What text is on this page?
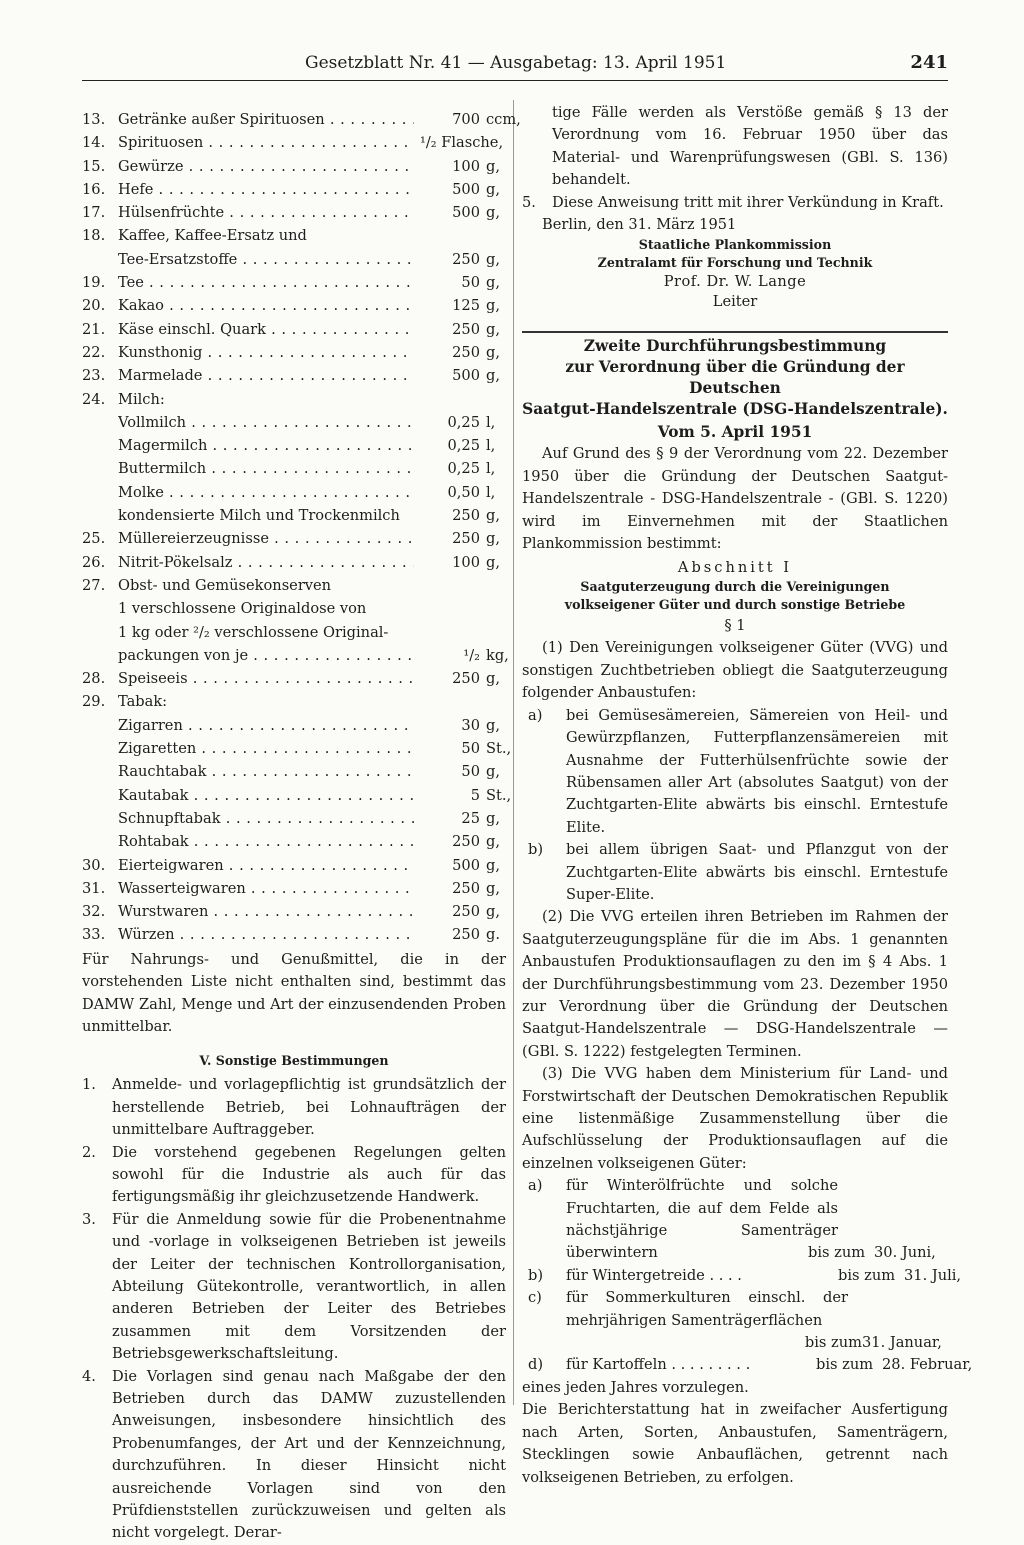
Gesetzblatt Nr. 41 — Ausgabetag: 13. April 1951	241
13. Getränke außer Spirituosen . . .	700 ccm,
14. Spirituosen . . .	¹/₂ Flasche,
15. Gewürze . . .	100 g,
16. Hefe . . .	500 g,
17. Hülsenfrüchte . . .	500 g,
18. Kaffee, Kaffee-Ersatz und
Tee-Ersatzstoffe . . .	250 g,
19. Tee . . .	50 g,
20. Kakao . . .	125 g,
21. Käse einschl. Quark . . .	250 g,
22. Kunsthonig . . .	250 g,
23. Marmelade . . .	500 g,
24. Milch:
Vollmilch . . .	0,25 l,
Magermilch . . .	0,25 l,
Buttermilch . . .	0,25 l,
Molke . . .	0,50 l,
kondensierte Milch und Trockenmilch	250 g,
25. Müllereierzeugnisse . . .	250 g,
26. Nitrit-Pökelsalz . . .	100 g,
27. Obst- und Gemüsekonserven
1 verschlossene Originaldose von
1 kg oder ²/₂ verschlossene Original-
packungen von je . . .	¹/₂ kg,
28. Speiseeis . . .	250 g,
29. Tabak:
Zigarren . . .	30 g,
Zigaretten . . .	50 St.,
Rauchtabak . . .	50 g,
Kautabak . . .	5 St.,
Schnupftabak . . .	25 g,
Rohtabak . . .	250 g,
30. Eierteigwaren . . .	500 g,
31. Wasserteigwaren . . .	250 g,
32. Wurstwaren . . .	250 g,
33. Würzen . . .	250 g.

Für Nahrungs- und Genußmittel, die in der vorstehenden Liste nicht enthalten sind, bestimmt das DAMW Zahl, Menge und Art der einzusendenden Proben unmittelbar.

V. Sonstige Bestimmungen
1.	Anmelde- und vorlagepflichtig ist grundsätzlich der herstellende Betrieb, bei Lohnaufträgen der unmittelbare Auftraggeber.
2.	Die vorstehend gegebenen Regelungen gelten sowohl für die Industrie als auch für das fertigungsmäßig ihr gleichzusetzende Handwerk.
3.	Für die Anmeldung sowie für die Probenentnahme und -vorlage in volkseigenen Betrieben ist jeweils der Leiter der technischen Kontrollorganisation, Abteilung Gütekontrolle, verantwortlich, in allen anderen Betrieben der Leiter des Betriebes zusammen mit dem Vorsitzenden der Betriebsgewerkschaftsleitung.
4.	Die Vorlagen sind genau nach Maßgabe der den Betrieben durch das DAMW zuzustellenden Anweisungen, insbesondere hinsichtlich des Probenumfanges, der Art und der Kennzeichnung, durchzuführen. In dieser Hinsicht nicht ausreichende Vorlagen sind von den Prüfdienststellen zurückzuweisen und gelten als nicht vorgelegt. Derar-

tige Fälle werden als Verstöße gemäß § 13 der Verordnung vom 16. Februar 1950 über das Material- und Warenprüfungswesen (GBl. S. 136) behandelt.

5.	Diese Anweisung tritt mit ihrer Verkündung in Kraft.
Berlin, den 31. März 1951
Staatliche Plankommission
Zentralamt für Forschung und Technik
Prof. Dr. W. Lange
Leiter
Zweite Durchführungsbestimmung
zur Verordnung über die Gründung der Deutschen
Saatgut-Handelszentrale (DSG-Handelszentrale).
Vom 5. April 1951

Auf Grund des § 9 der Verordnung vom 22. Dezember 1950 über die Gründung der Deutschen Saatgut-Handelszentrale - DSG-Handelszentrale - (GBl. S. 1220) wird im Einvernehmen mit der Staatlichen Plankommission bestimmt:

Abschnitt I
Saatguterzeugung durch die Vereinigungen
volkseigener Güter und durch sonstige Betriebe
§ 1

(1) Den Vereinigungen volkseigener Güter (VVG) und sonstigen Zuchtbetrieben obliegt die Saatguterzeugung folgender Anbaustufen:

a)	bei Gemüsesämereien, Sämereien von Heil- und Gewürzpflanzen, Futterpflanzensämereien mit Ausnahme der Futterhülsenfrüchte sowie der Rübensamen aller Art (absolutes Saatgut) von der Zuchtgarten-Elite abwärts bis einschl. Erntestufe Elite.
b)	bei allem übrigen Saat- und Pflanzgut von der Zuchtgarten-Elite abwärts bis einschl. Erntestufe Super-Elite.

(2) Die VVG erteilen ihren Betrieben im Rahmen der Saatguterzeugungspläne für die im Abs. 1 genannten Anbaustufen Produktionsauflagen zu den im § 4 Abs. 1 der Durchführungsbestimmung vom 23. Dezember 1950 zur Verordnung über die Gründung der Deutschen Saatgut-Handelszentrale — DSG-Handelszentrale — (GBl. S. 1222) festgelegten Terminen.

(3) Die VVG haben dem Ministerium für Land- und Forstwirtschaft der Deutschen Demokratischen Republik eine listenmäßige Zusammenstellung über die Aufschlüsselung der Produktionsauflagen auf die einzelnen volkseigenen Güter:

a)	für Winterölfrüchte und solche Fruchtarten, die auf dem Felde als nächstjährige Samenträger überwintern	bis zum 30. Juni,
b)	für Wintergetreide . . . .	bis zum 31. Juli,
c)	für Sommerkulturen einschl. der mehrjährigen Samenträgerflächen
bis zum31. Januar,
d)	für Kartoffeln . . . . . . . . .	bis zum 28. Februar,
eines jeden Jahres vorzulegen.

Die Berichterstattung hat in zweifacher Ausfertigung nach Arten, Sorten, Anbaustufen, Samenträgern, Stecklingen sowie Anbauflächen, getrennt nach volkseigenen Betrieben, zu erfolgen.
